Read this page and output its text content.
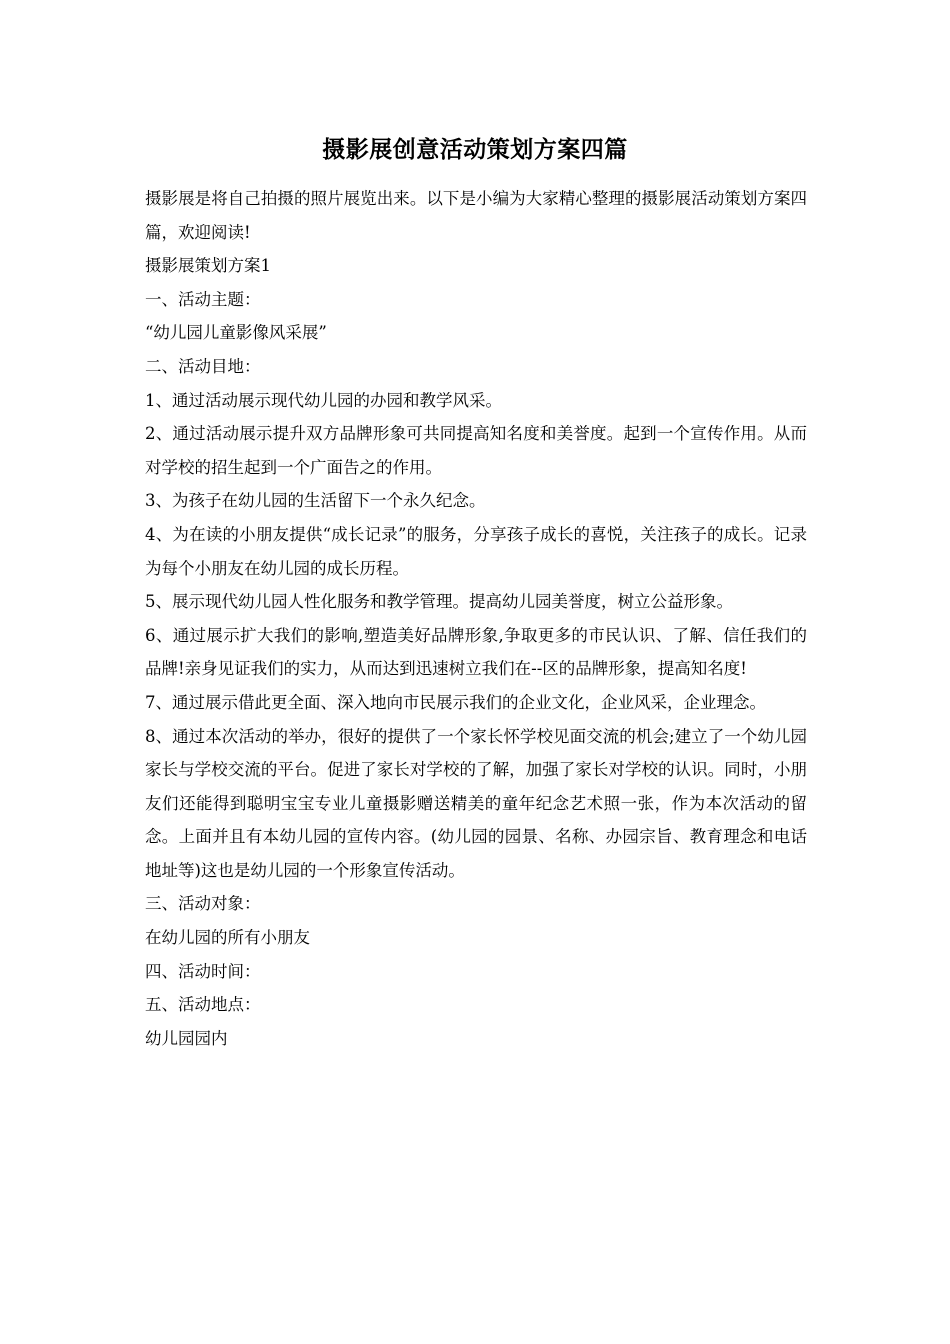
摄影展创意活动策划方案四篇

摄影展是将自己拍摄的照片展览出来。以下是小编为大家精心整理的摄影展活动策划方案四篇，欢迎阅读!

摄影展策划方案1

一、活动主题：

“幼儿园儿童影像风采展”

二、活动目地：

1、通过活动展示现代幼儿园的办园和教学风采。

2、通过活动展示提升双方品牌形象可共同提高知名度和美誉度。起到一个宣传作用。从而对学校的招生起到一个广面告之的作用。

3、为孩子在幼儿园的生活留下一个永久纪念。

4、为在读的小朋友提供“成长记录”的服务，分享孩子成长的喜悦，关注孩子的成长。记录为每个小朋友在幼儿园的成长历程。

5、展示现代幼儿园人性化服务和教学管理。提高幼儿园美誉度，树立公益形象。

6、通过展示扩大我们的影响,塑造美好品牌形象,争取更多的市民认识、了解、信任我们的品牌!亲身见证我们的实力，从而达到迅速树立我们在--区的品牌形象，提高知名度!

7、通过展示借此更全面、深入地向市民展示我们的企业文化，企业风采，企业理念。

8、通过本次活动的举办，很好的提供了一个家长怀学校见面交流的机会;建立了一个幼儿园家长与学校交流的平台。促进了家长对学校的了解，加强了家长对学校的认识。同时，小朋友们还能得到聪明宝宝专业儿童摄影赠送精美的童年纪念艺术照一张，作为本次活动的留念。上面并且有本幼儿园的宣传内容。(幼儿园的园景、名称、办园宗旨、教育理念和电话地址等)这也是幼儿园的一个形象宣传活动。

三、活动对象：

在幼儿园的所有小朋友

四、活动时间：

五、活动地点：

幼儿园园内
